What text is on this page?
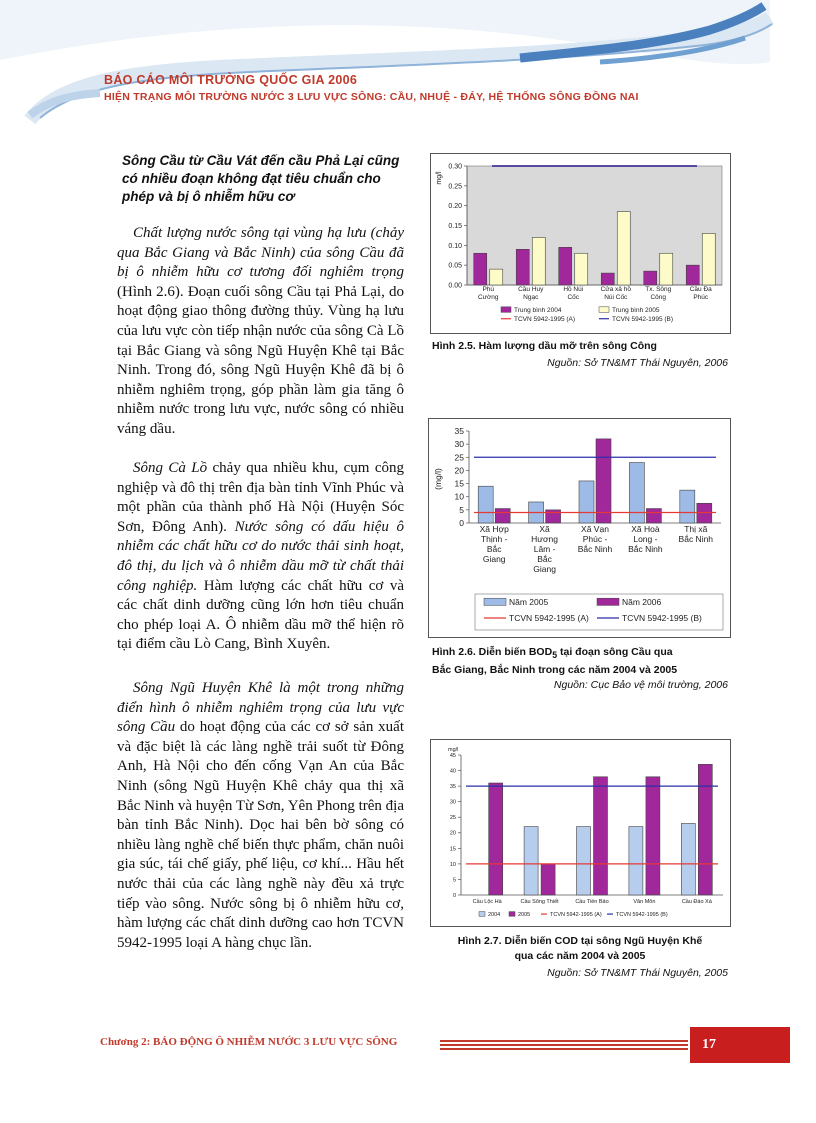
BÁO CÁO MÔI TRƯỜNG QUỐC GIA 2006
HIỆN TRẠNG MÔI TRƯỜNG NƯỚC 3 LƯU VỰC SÔNG: CẦU, NHUỆ - ĐÁY, HỆ THỐNG SÔNG ĐỒNG NAI
Sông Cầu từ Cầu Vát đến cầu Phả Lại cũng có nhiều đoạn không đạt tiêu chuẩn cho phép và bị ô nhiễm hữu cơ

Chất lượng nước sông tại vùng hạ lưu (chảy qua Bắc Giang và Bắc Ninh) của sông Cầu đã bị ô nhiễm hữu cơ tương đối nghiêm trọng (Hình 2.6). Đoạn cuối sông Cầu tại Phả Lại, do hoạt động giao thông đường thủy. Vùng hạ lưu của lưu vực còn tiếp nhận nước của sông Cà Lồ tại Bắc Giang và sông Ngũ Huyện Khê tại Bắc Ninh. Trong đó, sông Ngũ Huyện Khê đã bị ô nhiễm nghiêm trọng, góp phần làm gia tăng ô nhiễm nước trong lưu vực, nước sông có nhiều váng dầu.

Sông Cà Lồ chảy qua nhiều khu, cụm công nghiệp và đô thị trên địa bàn tỉnh Vĩnh Phúc và một phần của thành phố Hà Nội (Huyện Sóc Sơn, Đông Anh). Nước sông có dấu hiệu ô nhiễm các chất hữu cơ do nước thải sinh hoạt, đô thị, du lịch và ô nhiễm dầu mỡ từ chất thải công nghiệp. Hàm lượng các chất hữu cơ và các chất dinh dưỡng cũng lớn hơn tiêu chuẩn cho phép loại A. Ô nhiễm dầu mỡ thể hiện rõ tại điểm cầu Lò Cang, Bình Xuyên.

Sông Ngũ Huyện Khê là một trong những điển hình ô nhiễm nghiêm trọng của lưu vực sông Cầu do hoạt động của các cơ sở sản xuất và đặc biệt là các làng nghề trải suốt từ Đông Anh, Hà Nội cho đến cống Vạn An của Bắc Ninh (sông Ngũ Huyện Khê chảy qua thị xã Bắc Ninh và huyện Từ Sơn, Yên Phong trên địa bàn tỉnh Bắc Ninh). Dọc hai bên bờ sông có nhiều làng nghề chế biến thực phẩm, chăn nuôi gia súc, tái chế giấy, phế liệu, cơ khí... Hầu hết nước thải của các làng nghề này đều xả trực tiếp vào sông. Nước sông bị ô nhiễm hữu cơ, hàm lượng các chất dinh dưỡng cao hơn TCVN 5942-1995 loại A hàng chục lần.

0.00
0.05
0.10
0.15
0.20
0.25
0.30
mg/l
Phú
Cường
Cầu Huy
Ngạc
Hồ Núi
Cốc
Cửa xả hồ
Núi Cốc
Tx. Sông
Công
Cầu Đa
Phúc
Trung bình 2004	Trung bình 2005
TCVN 5942-1995 (A)	TCVN 5942-1995 (B)
Hình 2.5. Hàm lượng dầu mỡ trên sông Công
Nguồn: Sở TN&MT Thái Nguyên, 2006
0
5
10
15
20
25
30
35
(mg/l)
Xã Hợp
Thịnh -
Bắc
Giang
Xã
Hương
Lâm -
Bắc
Giang
Xã Vạn
Phúc -
Bắc Ninh
Xã Hoà
Long -
Bắc Ninh
Thị xã
Bắc Ninh
Năm 2005	Năm 2006
TCVN 5942-1995 (A)	TCVN 5942-1995 (B)
Hình 2.6. Diễn biến $BOD_5$ tại đoạn sông Cầu qua
Bắc Giang, Bắc Ninh trong các năm 2004 và 2005
Nguồn: Cục Bảo vệ môi trường, 2006
0
5
10
15
20
25
30
35
40
45
mg/l
Cầu Lộc Hà	Cầu Sông Thiết	Cầu Tiền Bảo	Văn Môn	Cầu Đáo Xá
2004	2005	TCVN 5942-1995 (A)	TCVN 5942-1995 (B)
Hình 2.7. Diễn biến COD tại sông Ngũ Huyện Khế
qua các năm 2004 và 2005
Nguồn: Sở TN&MT Thái Nguyên, 2005
Chương 2: BÁO ĐỘNG Ô NHIỄM NƯỚC 3 LƯU VỰC SÔNG	17
